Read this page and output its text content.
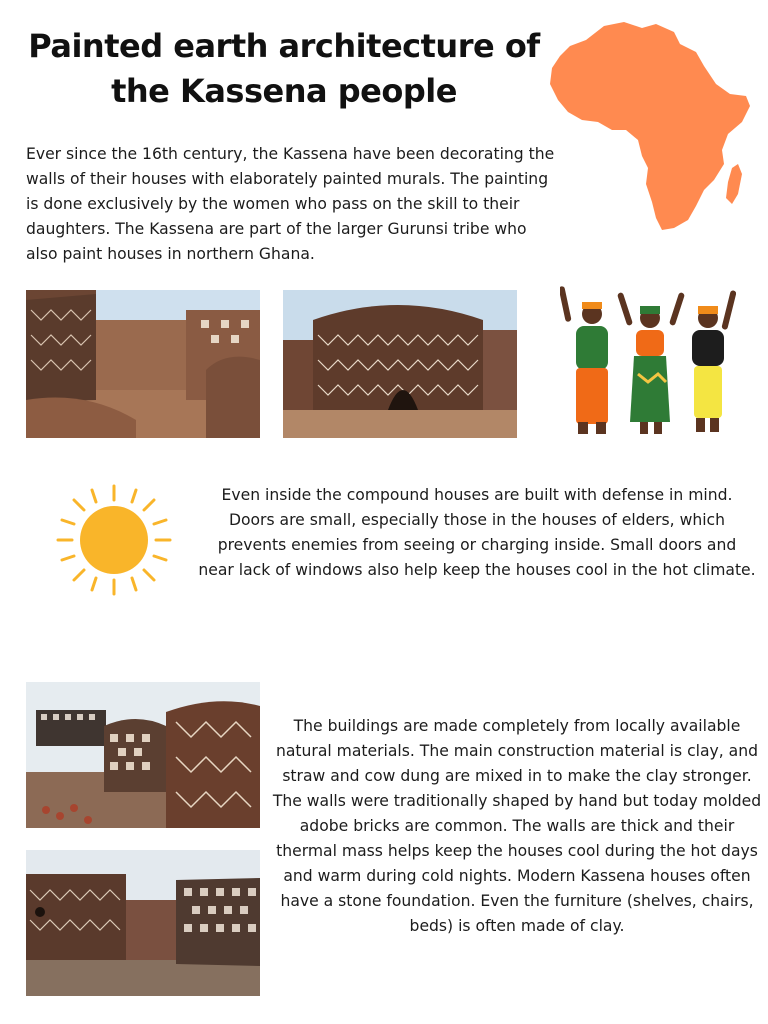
Painted earth architecture of the Kassena people

Ever since the 16th century, the Kassena have been decorating the walls of their houses with elaborately painted murals. The painting is done exclusively by the women who pass on the skill to their daughters. The Kassena are part of the larger Gurunsi tribe who also paint houses in northern Ghana.

Even inside the compound houses are built with defense in mind. Doors are small, especially those in the houses of elders, which prevents enemies from seeing or charging inside. Small doors and near lack of windows also help keep the houses cool in the hot climate.

The buildings are made completely from locally available natural materials. The main construction material is clay, and straw and cow dung are mixed in to make the clay stronger. The walls were traditionally shaped by hand but today molded adobe bricks are common. The walls are thick and their thermal mass helps keep the houses cool during the hot days and warm during cold nights. Modern Kassena houses often have a stone foundation. Even the furniture (shelves, chairs, beds) is often made of clay.
